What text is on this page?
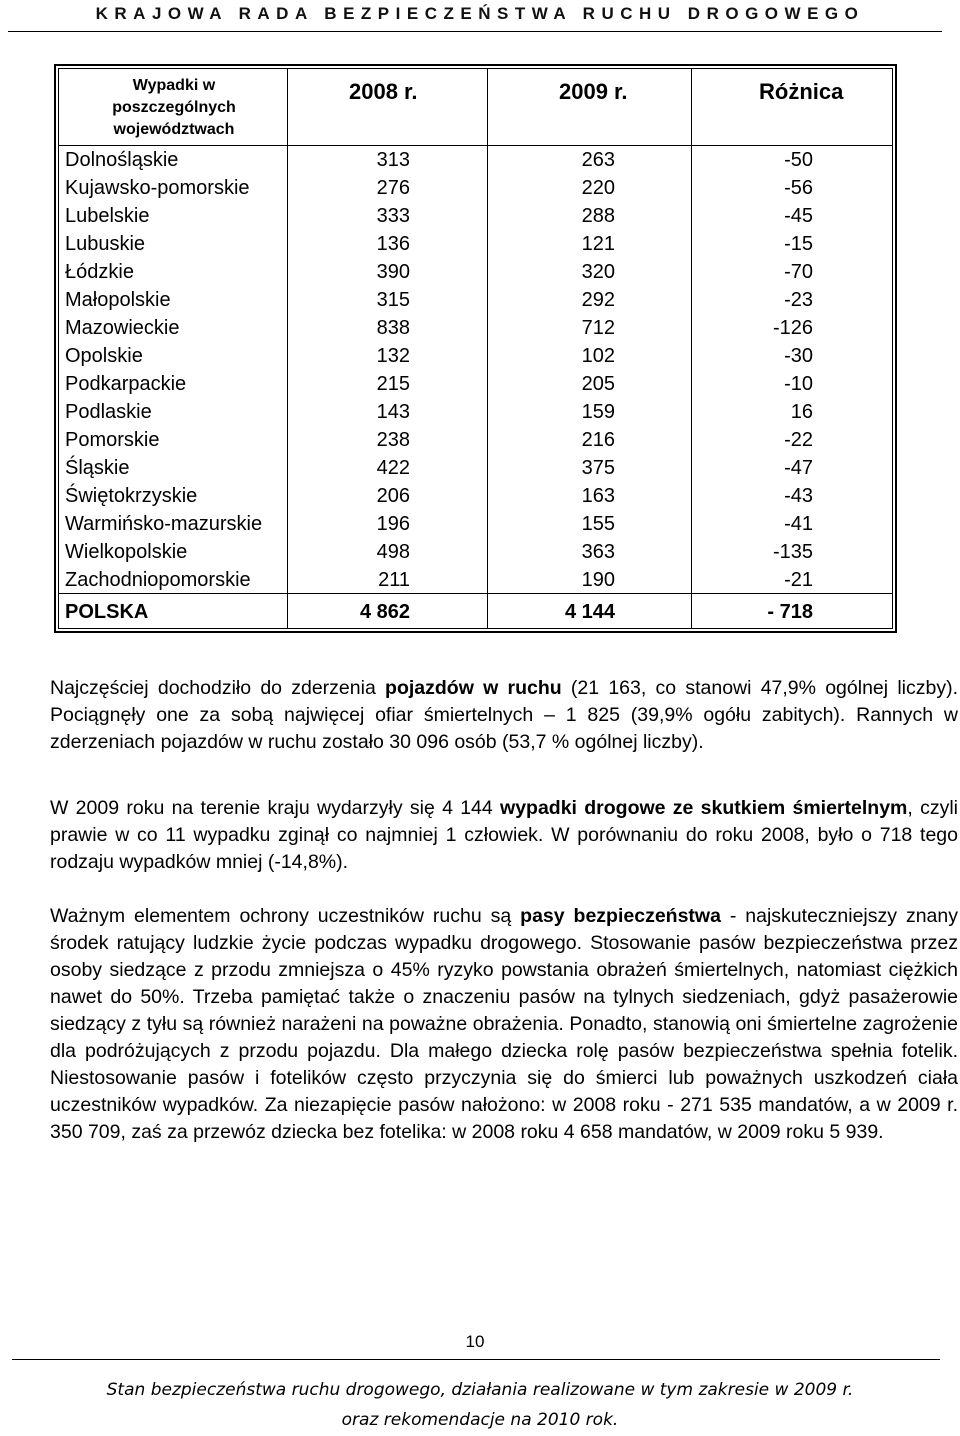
KRAJOWA RADA BEZPIECZEŃSTWA RUCHU DROGOWEGO
Wypadki w
poszczególnych
województwach
2008 r.	2009 r.	Różnica
Dolnośląskie	313	263	-50
Kujawsko-pomorskie	276	220	-56
Lubelskie	333	288	-45
Lubuskie	136	121	-15
Łódzkie	390	320	-70
Małopolskie	315	292	-23
Mazowieckie	838	712	-126
Opolskie	132	102	-30
Podkarpackie	215	205	-10
Podlaskie	143	159	16
Pomorskie	238	216	-22
Śląskie	422	375	-47
Świętokrzyskie	206	163	-43
Warmińsko-mazurskie	196	155	-41
Wielkopolskie	498	363	-135
Zachodniopomorskie	211	190	-21
POLSKA	4 862	4 144	- 718

Najczęściej dochodziło do zderzenia pojazdów w ruchu (21 163, co stanowi 47,9% ogólnej liczby). Pociągnęły one za sobą najwięcej ofiar śmiertelnych – 1 825 (39,9% ogółu zabitych). Rannych w zderzeniach pojazdów w ruchu zostało 30 096 osób (53,7 % ogólnej liczby).

W 2009 roku na terenie kraju wydarzyły się 4 144 wypadki drogowe ze skutkiem śmiertelnym, czyli prawie w co 11 wypadku zginął co najmniej 1 człowiek. W porównaniu do roku 2008, było o 718 tego rodzaju wypadków mniej (-14,8%).

Ważnym elementem ochrony uczestników ruchu są pasy bezpieczeństwa - najskuteczniejszy znany środek ratujący ludzkie życie podczas wypadku drogowego. Stosowanie pasów bezpieczeństwa przez osoby siedzące z przodu zmniejsza o 45% ryzyko powstania obrażeń śmiertelnych, natomiast ciężkich nawet do 50%. Trzeba pamiętać także o znaczeniu pasów na tylnych siedzeniach, gdyż pasażerowie siedzący z tyłu są również narażeni na poważne obrażenia. Ponadto, stanowią oni śmiertelne zagrożenie dla podróżujących z przodu pojazdu. Dla małego dziecka rolę pasów bezpieczeństwa spełnia fotelik. Niestosowanie pasów i fotelików często przyczynia się do śmierci lub poważnych uszkodzeń ciała uczestników wypadków. Za niezapięcie pasów nałożono: w 2008 roku - 271 535 mandatów, a w 2009 r. 350 709, zaś za przewóz dziecka bez fotelika: w 2008 roku 4 658 mandatów, w 2009 roku 5 939.

10
Stan bezpieczeństwa ruchu drogowego, działania realizowane w tym zakresie w 2009 r.
oraz rekomendacje na 2010 rok.
